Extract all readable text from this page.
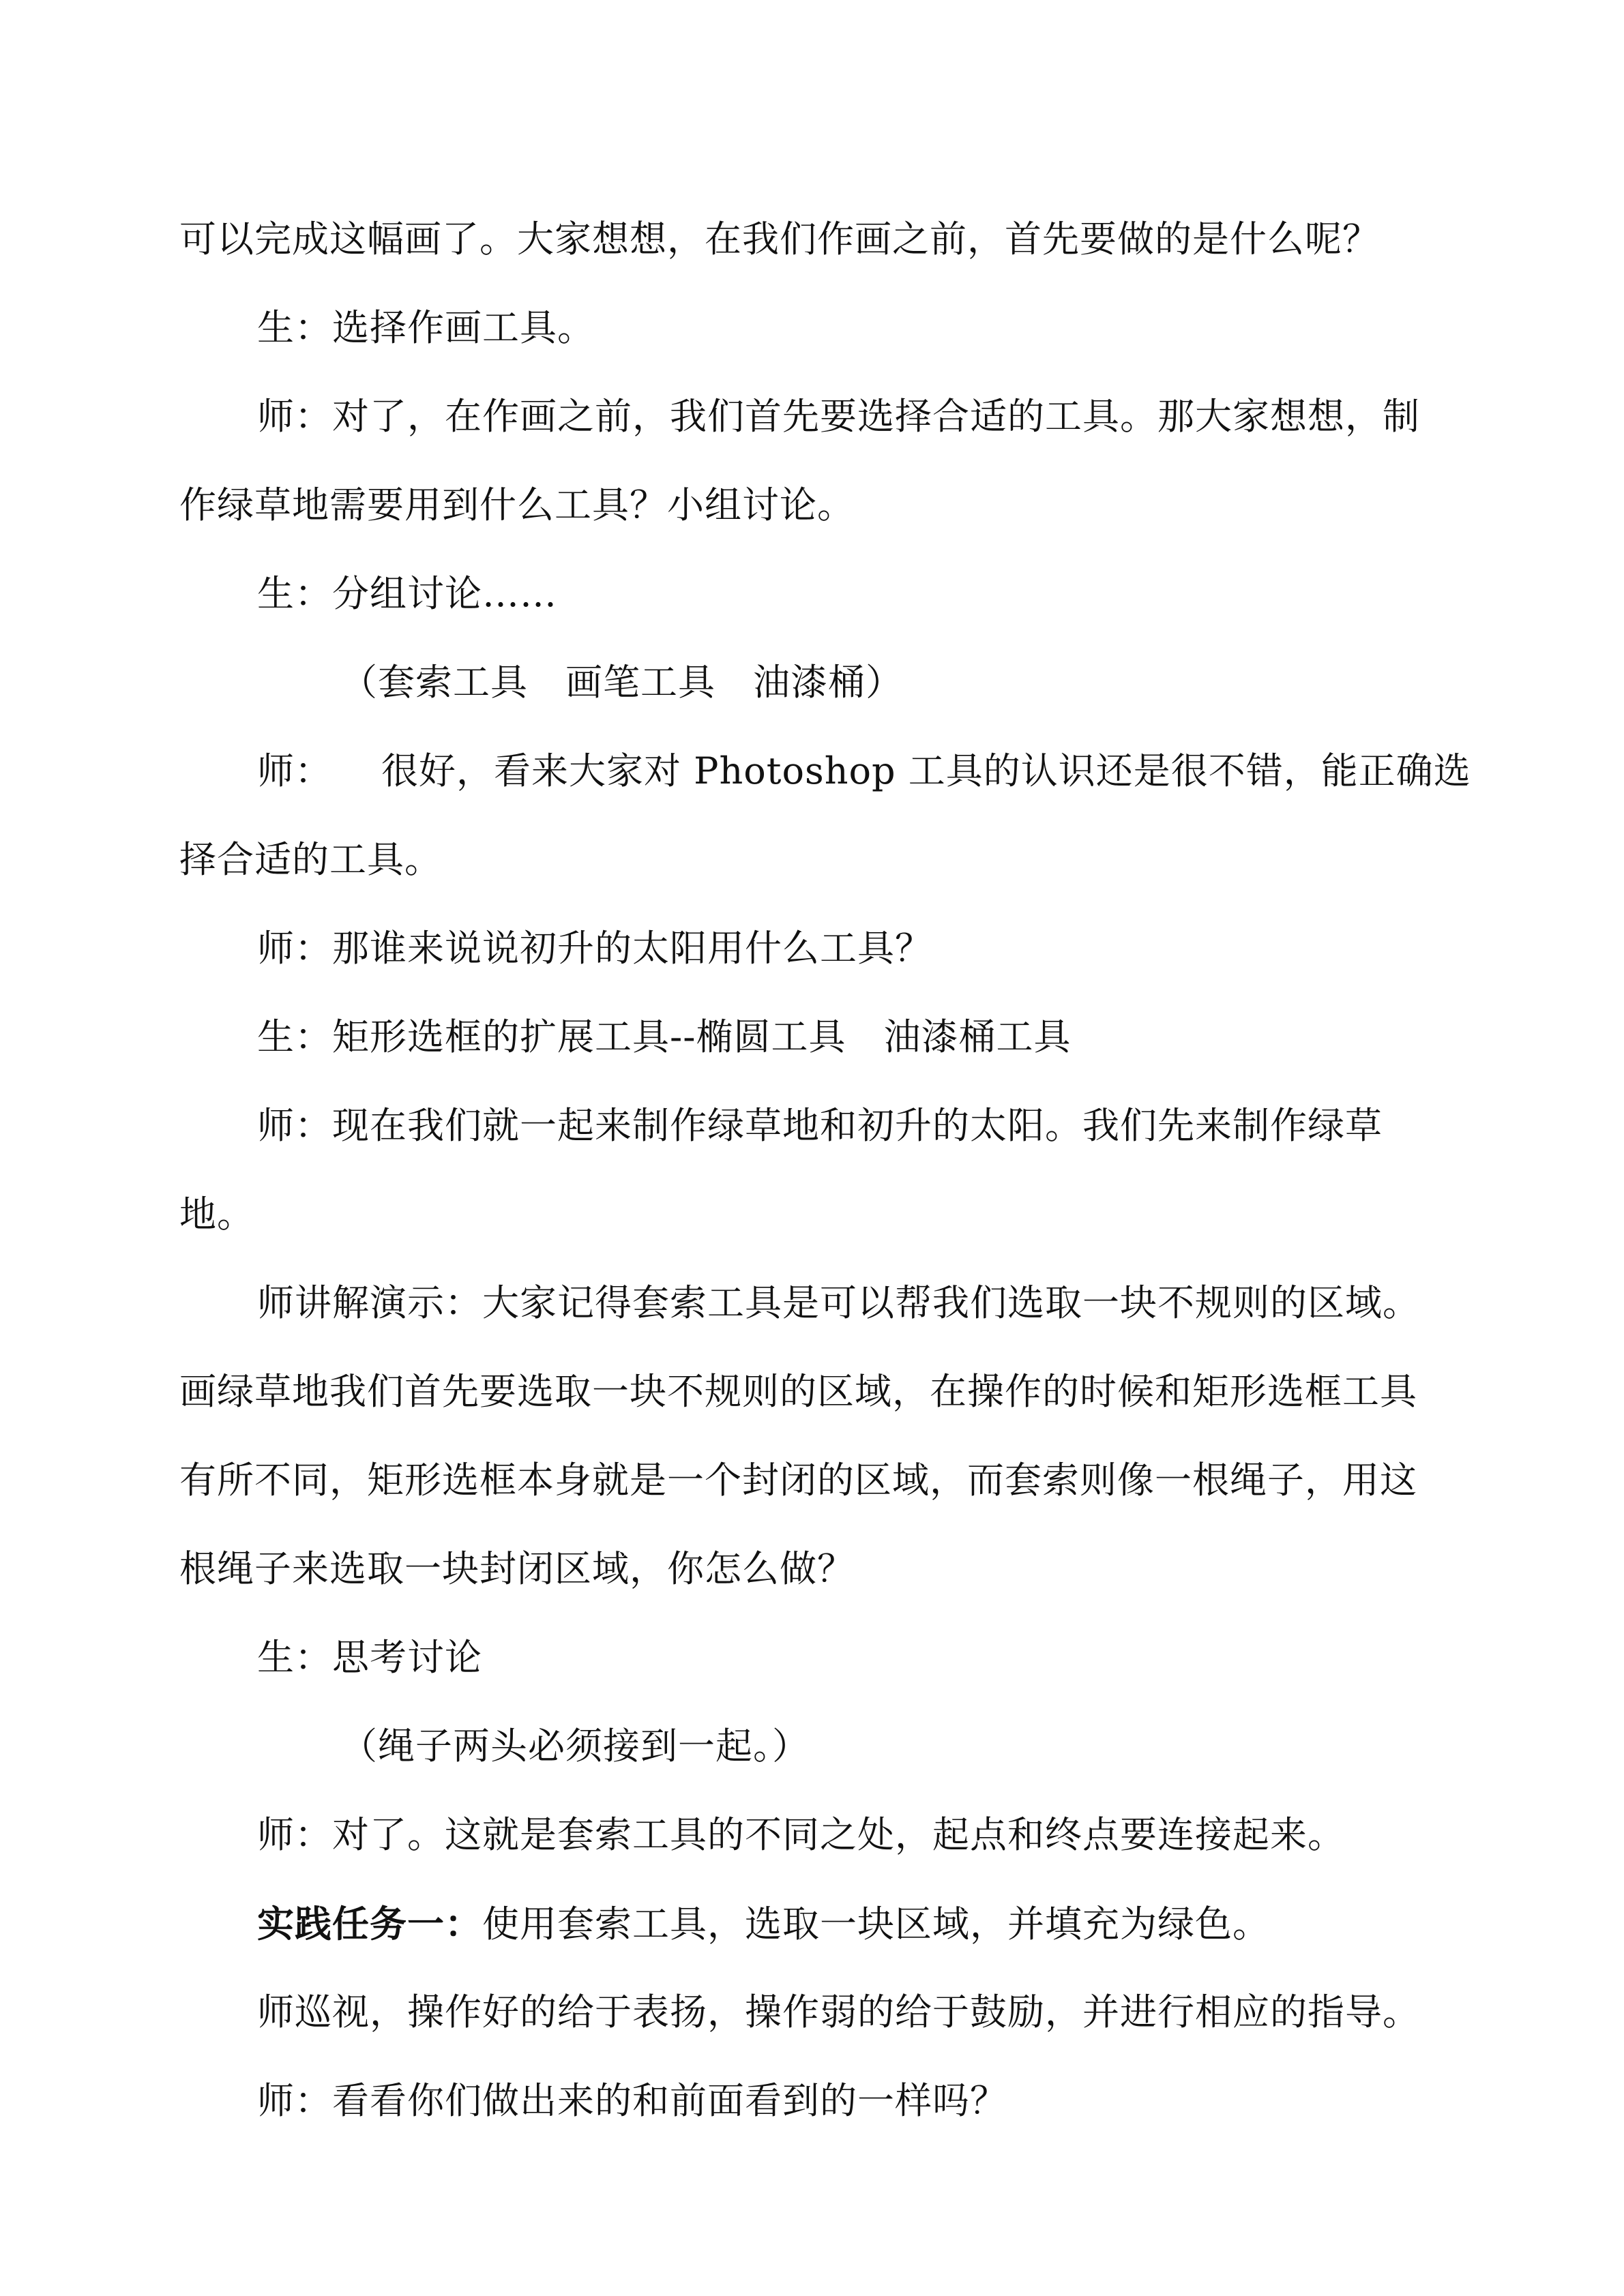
可以完成这幅画了。大家想想，在我们作画之前，首先要做的是什么呢？
生：选择作画工具。
师：对了，在作画之前，我们首先要选择合适的工具。那大家想想，制
作绿草地需要用到什么工具？小组讨论。
生：分组讨论……
（套索工具　画笔工具　油漆桶）
师： 很好，看来大家对 Photoshop 工具的认识还是很不错，能正确选
择合适的工具。
师：那谁来说说初升的太阳用什么工具？
生：矩形选框的扩展工具--椭圆工具　油漆桶工具
师：现在我们就一起来制作绿草地和初升的太阳。我们先来制作绿草
地。
师讲解演示：大家记得套索工具是可以帮我们选取一块不规则的区域。
画绿草地我们首先要选取一块不规则的区域，在操作的时候和矩形选框工具
有所不同，矩形选框本身就是一个封闭的区域，而套索则像一根绳子，用这
根绳子来选取一块封闭区域，你怎么做？
生：思考讨论
（绳子两头必须接到一起。）
师：对了。这就是套索工具的不同之处，起点和终点要连接起来。
实践任务一：使用套索工具，选取一块区域，并填充为绿色。
师巡视，操作好的给于表扬，操作弱的给于鼓励，并进行相应的指导。
师：看看你们做出来的和前面看到的一样吗？
